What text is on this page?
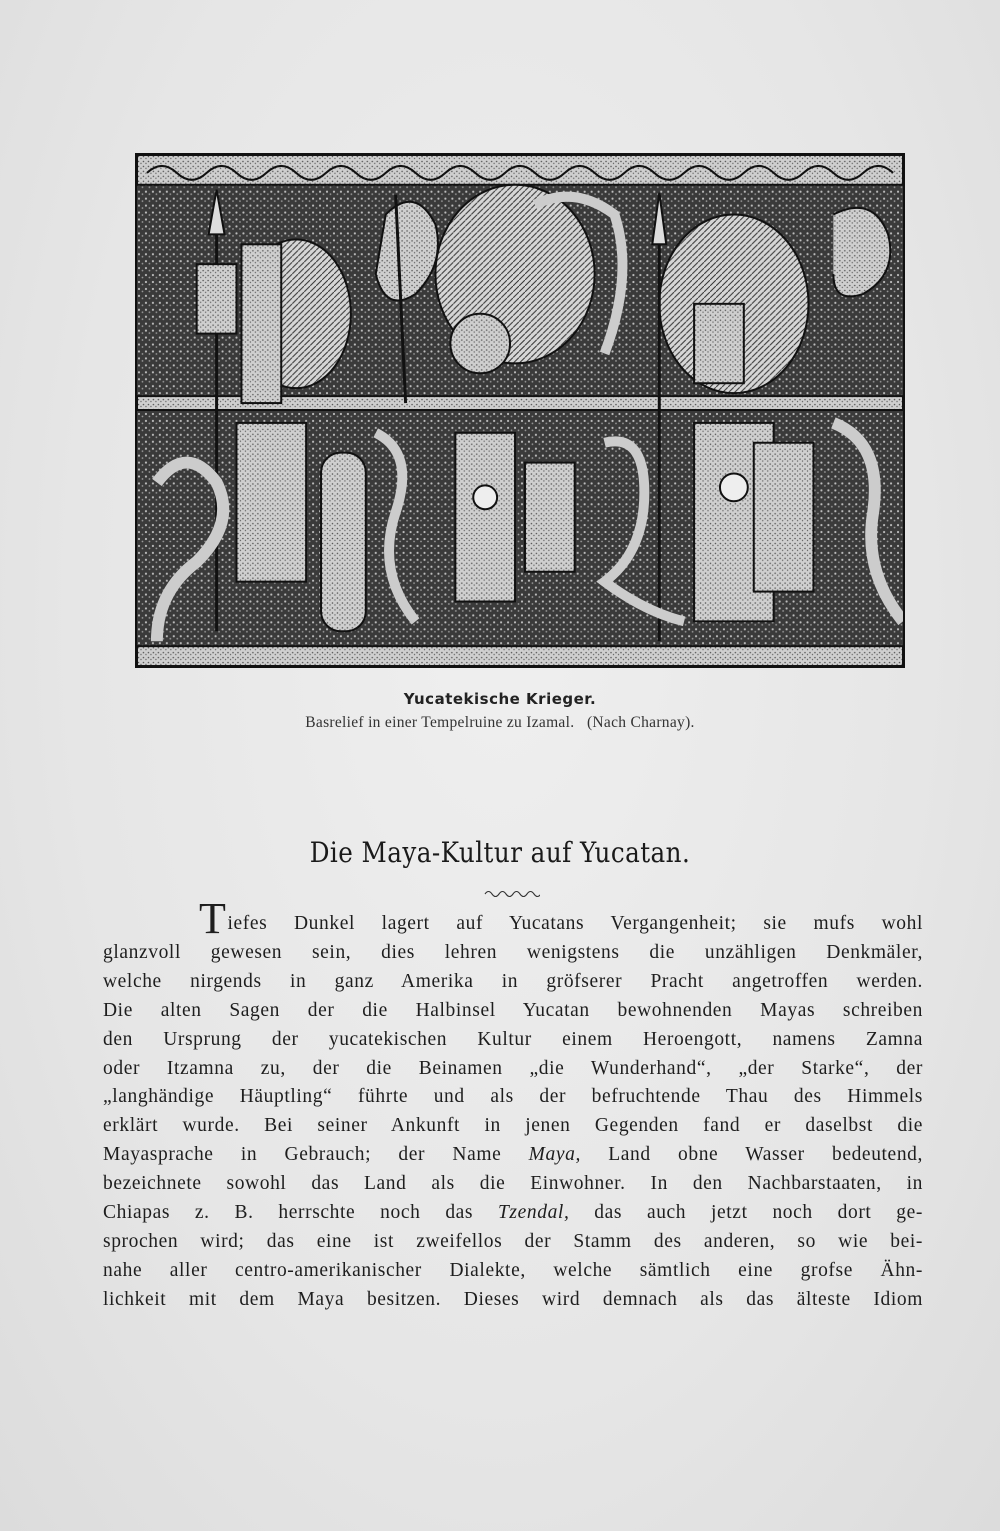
Yucatekische Krieger.
Basrelief in einer Tempelruine zu Izamal. (Nach Charnay).
Die Maya-Kultur auf Yucatan.
Tiefes Dunkel lagert auf Yucatans Vergangenheit; sie mufs wohl
glanzvoll gewesen sein, dies lehren wenigstens die unzähligen Denkmäler,
welche nirgends in ganz Amerika in gröfserer Pracht angetroffen werden.
Die alten Sagen der die Halbinsel Yucatan bewohnenden Mayas schreiben
den Ursprung der yucatekischen Kultur einem Heroengott, namens Zamna
oder Itzamna zu, der die Beinamen „die Wunderhand“, „der Starke“, der
„langhändige Häuptling“ führte und als der befruchtende Thau des Himmels
erklärt wurde. Bei seiner Ankunft in jenen Gegenden fand er daselbst die
Mayasprache in Gebrauch; der Name Maya, Land obne Wasser bedeutend,
bezeichnete sowohl das Land als die Einwohner. In den Nachbarstaaten, in
Chiapas z. B. herrschte noch das Tzendal, das auch jetzt noch dort ge-
sprochen wird; das eine ist zweifellos der Stamm des anderen, so wie bei-
nahe aller centro-amerikanischer Dialekte, welche sämtlich eine grofse Ähn-
lichkeit mit dem Maya besitzen. Dieses wird demnach als das älteste Idiom
